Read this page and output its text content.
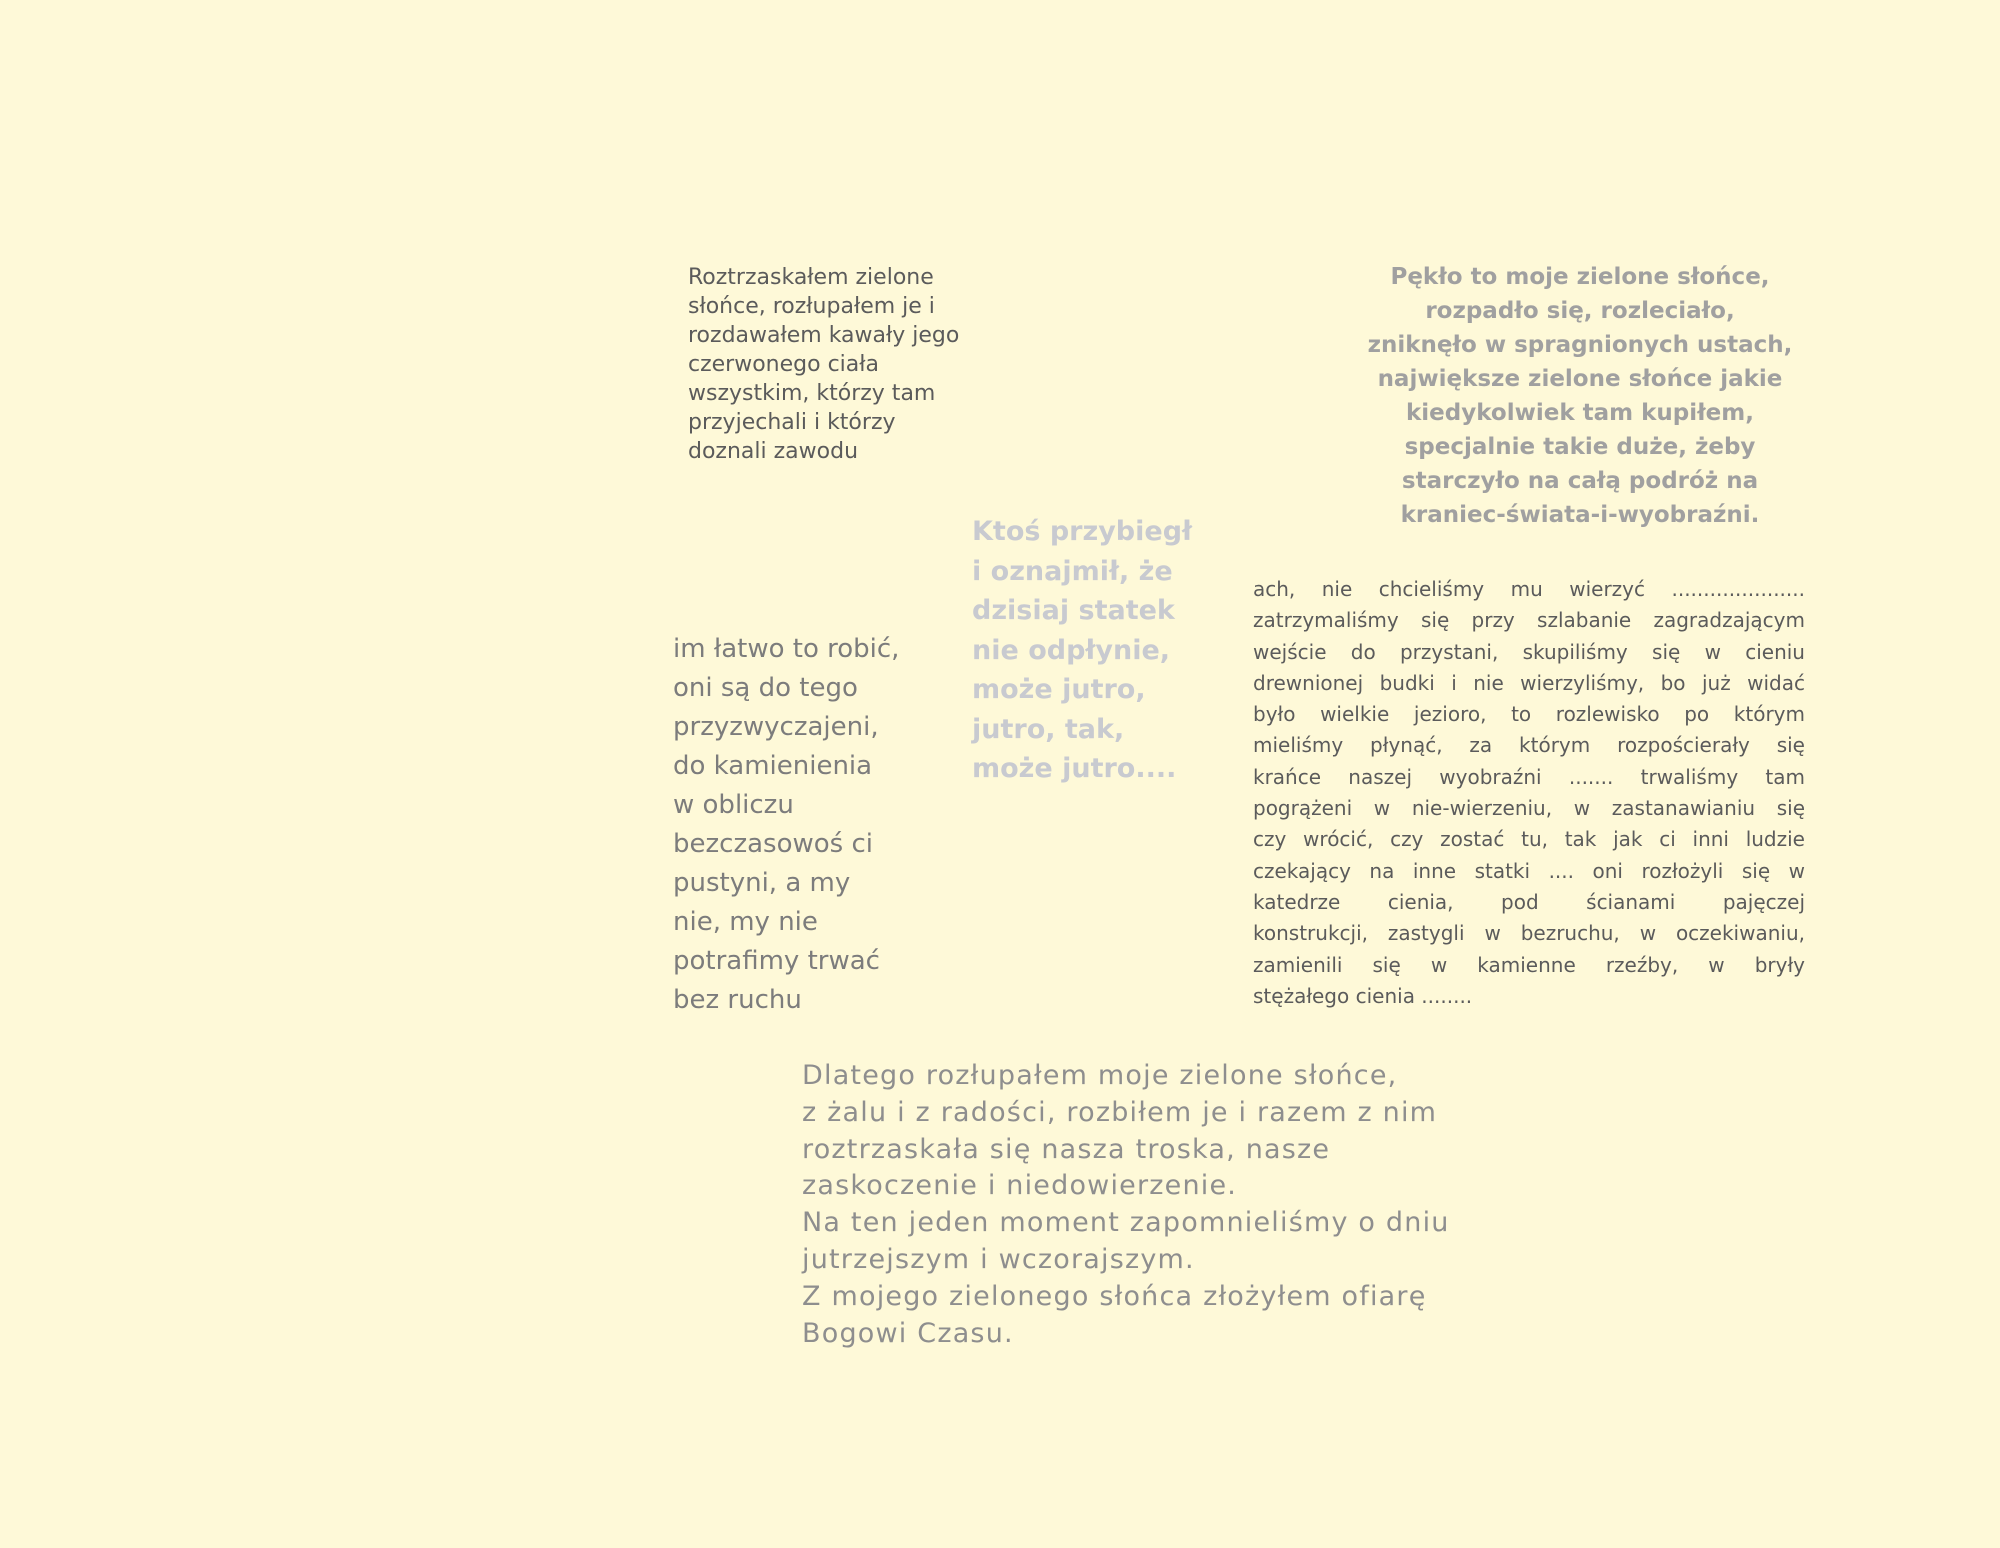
Roztrzaskałem zielone
słońce, rozłupałem je i
rozdawałem kawały jego
czerwonego ciała
wszystkim, którzy tam
przyjechali i którzy
doznali zawodu
Pękło to moje zielone słońce,
rozpadło się, rozleciało,
zniknęło w spragnionych ustach,
największe zielone słońce jakie
kiedykolwiek tam kupiłem,
specjalnie takie duże, żeby
starczyło na całą podróż na
kraniec-świata-i-wyobraźni.
Ktoś przybiegł
i oznajmił, że
dzisiaj statek
nie odpłynie,
może jutro,
jutro, tak,
może jutro....
im łatwo to robić,
oni są do tego
przyzwyczajeni,
do kamienienia
w obliczu
bezczasowoś ci
pustyni, a my
nie, my nie
potrafimy trwać
bez ruchu
ach, nie chcieliśmy mu wierzyć .....................
zatrzymaliśmy się przy szlabanie zagradzającym
wejście do przystani, skupiliśmy się w cieniu
drewnionej budki i nie wierzyliśmy, bo już widać
było wielkie jezioro, to rozlewisko po którym
mieliśmy płynąć, za którym rozpościerały się
krańce naszej wyobraźni ....... trwaliśmy tam
pogrążeni w nie-wierzeniu, w zastanawianiu się
czy wrócić, czy zostać tu, tak jak ci inni ludzie
czekający na inne statki .... oni rozłożyli się w
katedrze cienia, pod ścianami pajęczej
konstrukcji, zastygli w bezruchu, w oczekiwaniu,
zamienili się w kamienne rzeźby, w bryły
stężałego cienia ........
Dlatego rozłupałem moje zielone słońce,
z żalu i z radości, rozbiłem je i razem z nim
roztrzaskała się nasza troska, nasze
zaskoczenie i niedowierzenie.
Na ten jeden moment zapomnieliśmy o dniu
jutrzejszym i wczorajszym.
Z mojego zielonego słońca złożyłem ofiarę
Bogowi Czasu.
